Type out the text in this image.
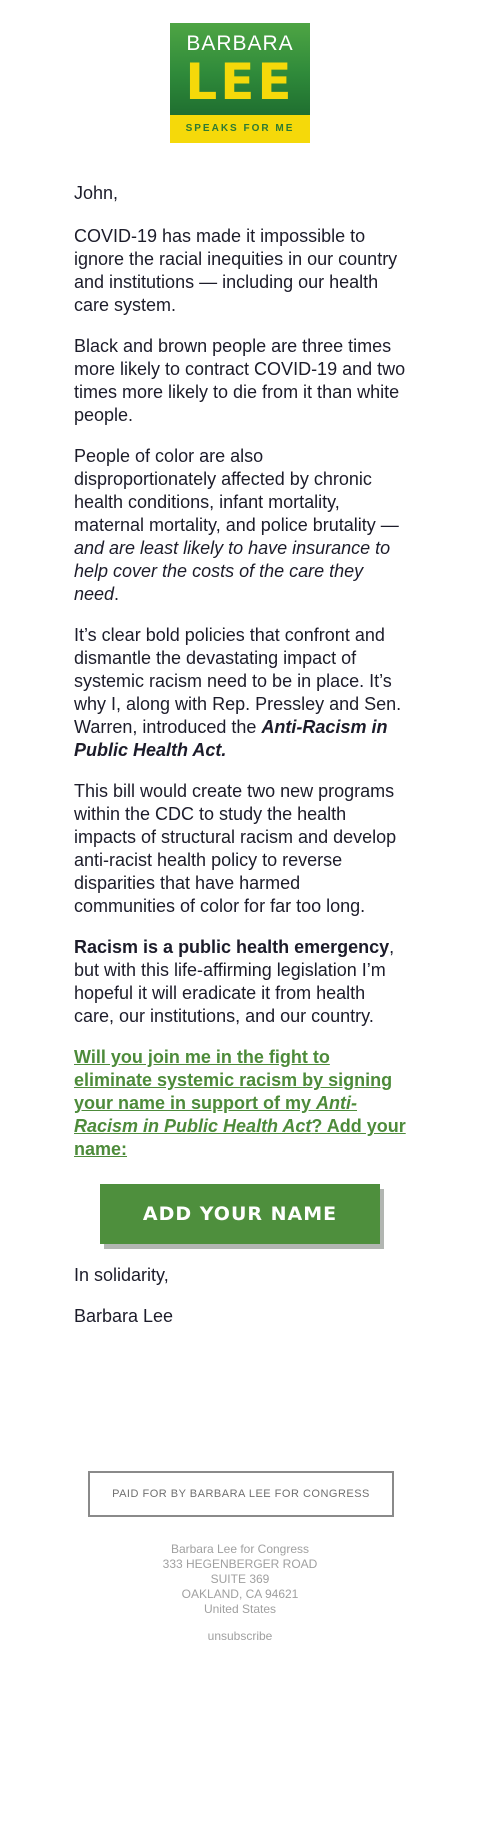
BARBARA
LEE
SPEAKS FOR ME

John,

COVID-19 has made it impossible to ignore the racial inequities in our country and institutions — including our health care system.

Black and brown people are three times more likely to contract COVID-19 and two times more likely to die from it than white people.

People of color are also disproportionately affected by chronic health conditions, infant mortality, maternal mortality, and police brutality — and are least likely to have insurance to help cover the costs of the care they need.

It’s clear bold policies that confront and dismantle the devastating impact of systemic racism need to be in place. It’s why I, along with Rep. Pressley and Sen. Warren, introduced the Anti-Racism in Public Health Act.

This bill would create two new programs within the CDC to study the health impacts of structural racism and develop anti-racist health policy to reverse disparities that have harmed communities of color for far too long.

Racism is a public health emergency, but with this life-affirming legislation I’m hopeful it will eradicate it from health care, our institutions, and our country.

Will you join me in the fight to eliminate systemic racism by signing your name in support of my Anti-Racism in Public Health Act? Add your name:

ADD YOUR NAME

In solidarity,

Barbara Lee

PAID FOR BY BARBARA LEE FOR CONGRESS
Barbara Lee for Congress
333 HEGENBERGER ROAD
SUITE 369
OAKLAND, CA 94621
United States
unsubscribe
